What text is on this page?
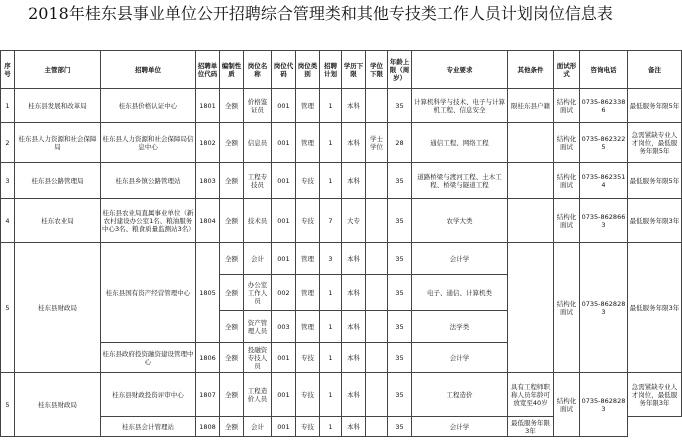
2018年桂东县事业单位公开招聘综合管理类和其他专技类工作人员计划岗位信息表
序号	主管部门	招聘单位	招聘单位代码	编制性质	岗位名称	岗位代码	岗位类别	招聘计划	学历下限	学位下限	年龄上限（周岁）	专业要求	其他条件	面试形式	咨询电话	备注
1	桂东县发展和改革局	桂东县价格认证中心	1801	全额	价格鉴证员	001	管理	1	本科		35	计算机科学与技术、电子与计算机工程、信息安全	限桂东县户籍	结构化面试	0735-8623386	最低服务年限5年
2	桂东县人力资源和社会保障局	桂东县人力资源和社会保障局信息中心	1802	全额	信息员	001	管理	1	本科	学士学位	28	通信工程、网络工程		结构化面试	0735-8623225	急需紧缺专业人才岗位，最低服务年限5年
3	桂东县公路管理局	桂东县乡镇公路管理站	1803	全额	工程专技员	001	专技	1	本科		35	道路桥梁与渡河工程、土木工程、桥梁与隧道工程		结构化面试	0735-8623514	最低服务年限5年
4	桂东农业局	桂东县农业局直属事业单位（新农村建设办公室1名、粮油服务中心3名、粮食质量监测站3名）	1804	全额	技术员	001	专技	7	大专		35	农学大类		结构化面试	0735-8628663	最低服务年限3年
5	桂东县财政局	桂东县国有资产经营管理中心	1805	全额	会计	001	管理	3	本科		35	会计学		结构化面试	0735-8628283	最低服务年限3年
				全额	办公室工作人员	002	管理	1	本科		35	电子、通信、计算机类				
				全额	资产管理人员	003	管理	1	本科		35	法学类				
		桂东县政府投资融资建设管理中心	1806	全额	投融资专技人员	001	专技	1	本科		35	会计学				
5	桂东县财政局	桂东县财政投资评审中心	1807	全额	工程造价人员	001	专技	1	本科		35	工程造价	具有工程师职称人员年龄可放宽至40岁	结构化面试	0735-8628283	急需紧缺专业人才岗位，最低服务年限3年
		桂东县会计管理站	1808	全额	会计	001	专技	1	本科		35	会计学	最低服务年限3年			
